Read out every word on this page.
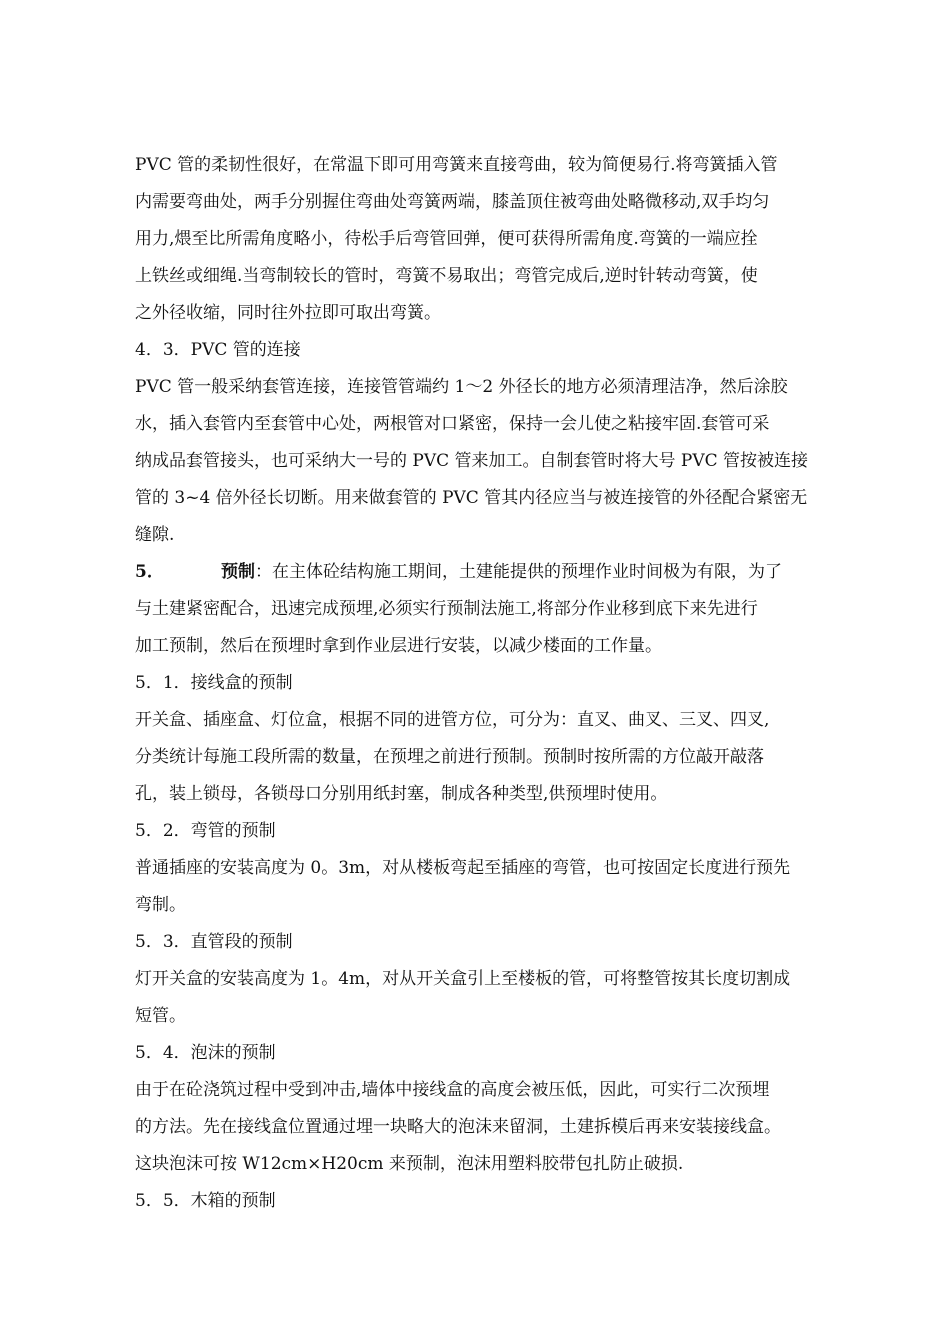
PVC 管的柔韧性很好，在常温下即可用弯簧来直接弯曲，较为简便易行.将弯簧插入管
内需要弯曲处，两手分别握住弯曲处弯簧两端，膝盖顶住被弯曲处略微移动,双手均匀
用力,煨至比所需角度略小，待松手后弯管回弹，便可获得所需角度.弯簧的一端应拴
上铁丝或细绳.当弯制较长的管时，弯簧不易取出；弯管完成后,逆时针转动弯簧，使
之外径收缩，同时往外拉即可取出弯簧。
4．3．PVC 管的连接
PVC 管一般采纳套管连接，连接管管端约 1～2 外径长的地方必须清理洁净，然后涂胶
水，插入套管内至套管中心处，两根管对口紧密，保持一会儿使之粘接牢固.套管可采
纳成品套管接头，也可采纳大一号的 PVC 管来加工。自制套管时将大号 PVC 管按被连接
管的 3~4 倍外径长切断。用来做套管的 PVC 管其内径应当与被连接管的外径配合紧密无
缝隙.
5．	预制：在主体砼结构施工期间，土建能提供的预埋作业时间极为有限，为了
与土建紧密配合，迅速完成预埋,必须实行预制法施工,将部分作业移到底下来先进行
加工预制，然后在预埋时拿到作业层进行安装，以减少楼面的工作量。
5．1．接线盒的预制
开关盒、插座盒、灯位盒，根据不同的进管方位，可分为：直叉、曲叉、三叉、四叉,
分类统计每施工段所需的数量，在预埋之前进行预制。预制时按所需的方位敲开敲落
孔，装上锁母，各锁母口分别用纸封塞，制成各种类型,供预埋时使用。
5．2．弯管的预制
普通插座的安装高度为 0。3m，对从楼板弯起至插座的弯管，也可按固定长度进行预先
弯制。
5．3．直管段的预制
灯开关盒的安装高度为 1。4m，对从开关盒引上至楼板的管，可将整管按其长度切割成
短管。
5．4．泡沫的预制
由于在砼浇筑过程中受到冲击,墙体中接线盒的高度会被压低，因此，可实行二次预埋
的方法。先在接线盒位置通过埋一块略大的泡沫来留洞，土建拆模后再来安装接线盒。
这块泡沫可按 W12cm×H20cm 来预制，泡沫用塑料胶带包扎防止破损.
5．5．木箱的预制
